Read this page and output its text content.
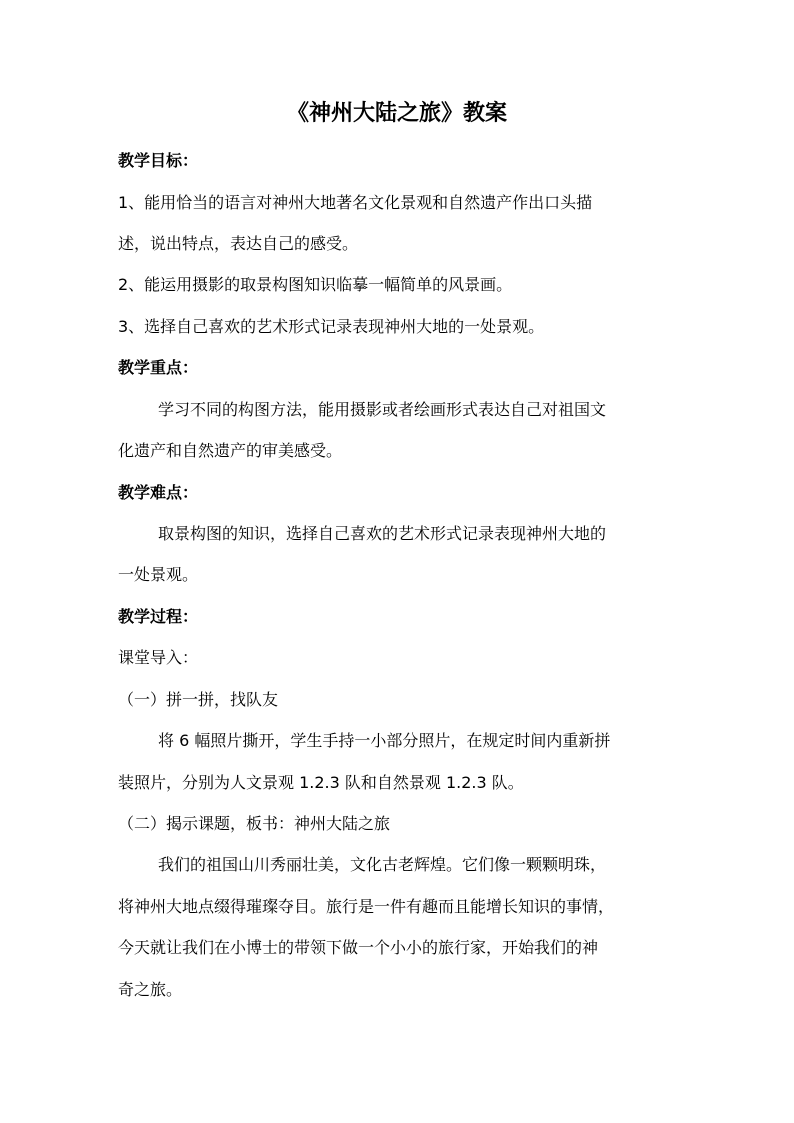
《神州大陆之旅》教案
教学目标：
1、能用恰当的语言对神州大地著名文化景观和自然遗产作出口头描
述，说出特点，表达自己的感受。
2、能运用摄影的取景构图知识临摹一幅简单的风景画。
3、选择自己喜欢的艺术形式记录表现神州大地的一处景观。
教学重点：
学习不同的构图方法，能用摄影或者绘画形式表达自己对祖国文
化遗产和自然遗产的审美感受。
教学难点：
取景构图的知识，选择自己喜欢的艺术形式记录表现神州大地的
一处景观。
教学过程：
课堂导入：
（一）拼一拼，找队友
将 6 幅照片撕开，学生手持一小部分照片，在规定时间内重新拼
装照片，分别为人文景观 1.2.3 队和自然景观 1.2.3 队。
（二）揭示课题，板书：神州大陆之旅
我们的祖国山川秀丽壮美，文化古老辉煌。它们像一颗颗明珠，
将神州大地点缀得璀璨夺目。旅行是一件有趣而且能增长知识的事情，
今天就让我们在小博士的带领下做一个小小的旅行家，开始我们的神
奇之旅。
